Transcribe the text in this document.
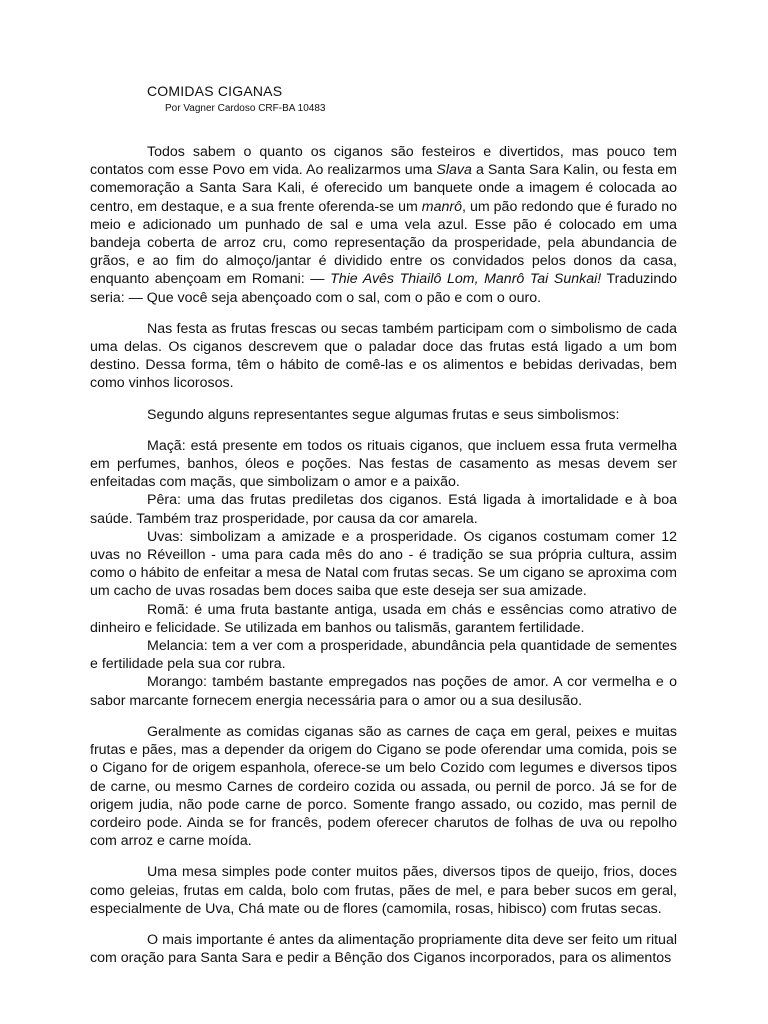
COMIDAS CIGANAS
Por Vagner Cardoso CRF-BA 10483

Todos sabem o quanto os ciganos são festeiros e divertidos, mas pouco tem contatos com esse Povo em vida. Ao realizarmos uma Slava a Santa Sara Kalin, ou festa em comemoração a Santa Sara Kali, é oferecido um banquete onde a imagem é colocada ao centro, em destaque, e a sua frente oferenda-se um manrô, um pão redondo que é furado no meio e adicionado um punhado de sal e uma vela azul. Esse pão é colocado em uma bandeja coberta de arroz cru, como representação da prosperidade, pela abundancia de grãos, e ao fim do almoço/jantar é dividido entre os convidados pelos donos da casa, enquanto abençoam em Romani: — Thie Avês Thiailô Lom, Manrô Tai Sunkai! Traduzindo seria: — Que você seja abençoado com o sal, com o pão e com o ouro.

Nas festa as frutas frescas ou secas também participam com o simbolismo de cada uma delas. Os ciganos descrevem que o paladar doce das frutas está ligado a um bom destino. Dessa forma, têm o hábito de comê-las e os alimentos e bebidas derivadas, bem como vinhos licorosos.

Segundo alguns representantes segue algumas frutas e seus simbolismos:

Maçã: está presente em todos os rituais ciganos, que incluem essa fruta vermelha em perfumes, banhos, óleos e poções. Nas festas de casamento as mesas devem ser enfeitadas com maçãs, que simbolizam o amor e a paixão.

Pêra: uma das frutas prediletas dos ciganos. Está ligada à imortalidade e à boa saúde. Também traz prosperidade, por causa da cor amarela.

Uvas: simbolizam a amizade e a prosperidade. Os ciganos costumam comer 12 uvas no Réveillon - uma para cada mês do ano - é tradição se sua própria cultura, assim como o hábito de enfeitar a mesa de Natal com frutas secas. Se um cigano se aproxima com um cacho de uvas rosadas bem doces saiba que este deseja ser sua amizade.

Romã: é uma fruta bastante antiga, usada em chás e essências como atrativo de dinheiro e felicidade. Se utilizada em banhos ou talismãs, garantem fertilidade.

Melancia: tem a ver com a prosperidade, abundância pela quantidade de sementes e fertilidade pela sua cor rubra.

Morango: também bastante empregados nas poções de amor. A cor vermelha e o sabor marcante fornecem energia necessária para o amor ou a sua desilusão.

Geralmente as comidas ciganas são as carnes de caça em geral, peixes e muitas frutas e pães, mas a depender da origem do Cigano se pode oferendar uma comida, pois se o Cigano for de origem espanhola, oferece-se um belo Cozido com legumes e diversos tipos de carne, ou mesmo Carnes de cordeiro cozida ou assada, ou pernil de porco. Já se for de origem judia, não pode carne de porco. Somente frango assado, ou cozido, mas pernil de cordeiro pode. Ainda se for francês, podem oferecer charutos de folhas de uva ou repolho com arroz e carne moída.

Uma mesa simples pode conter muitos pães, diversos tipos de queijo, frios, doces como geleias, frutas em calda, bolo com frutas, pães de mel, e para beber sucos em geral, especialmente de Uva, Chá mate ou de flores (camomila, rosas, hibisco) com frutas secas.

O mais importante é antes da alimentação propriamente dita deve ser feito um ritual com oração para Santa Sara e pedir a Bênção dos Ciganos incorporados, para os alimentos
